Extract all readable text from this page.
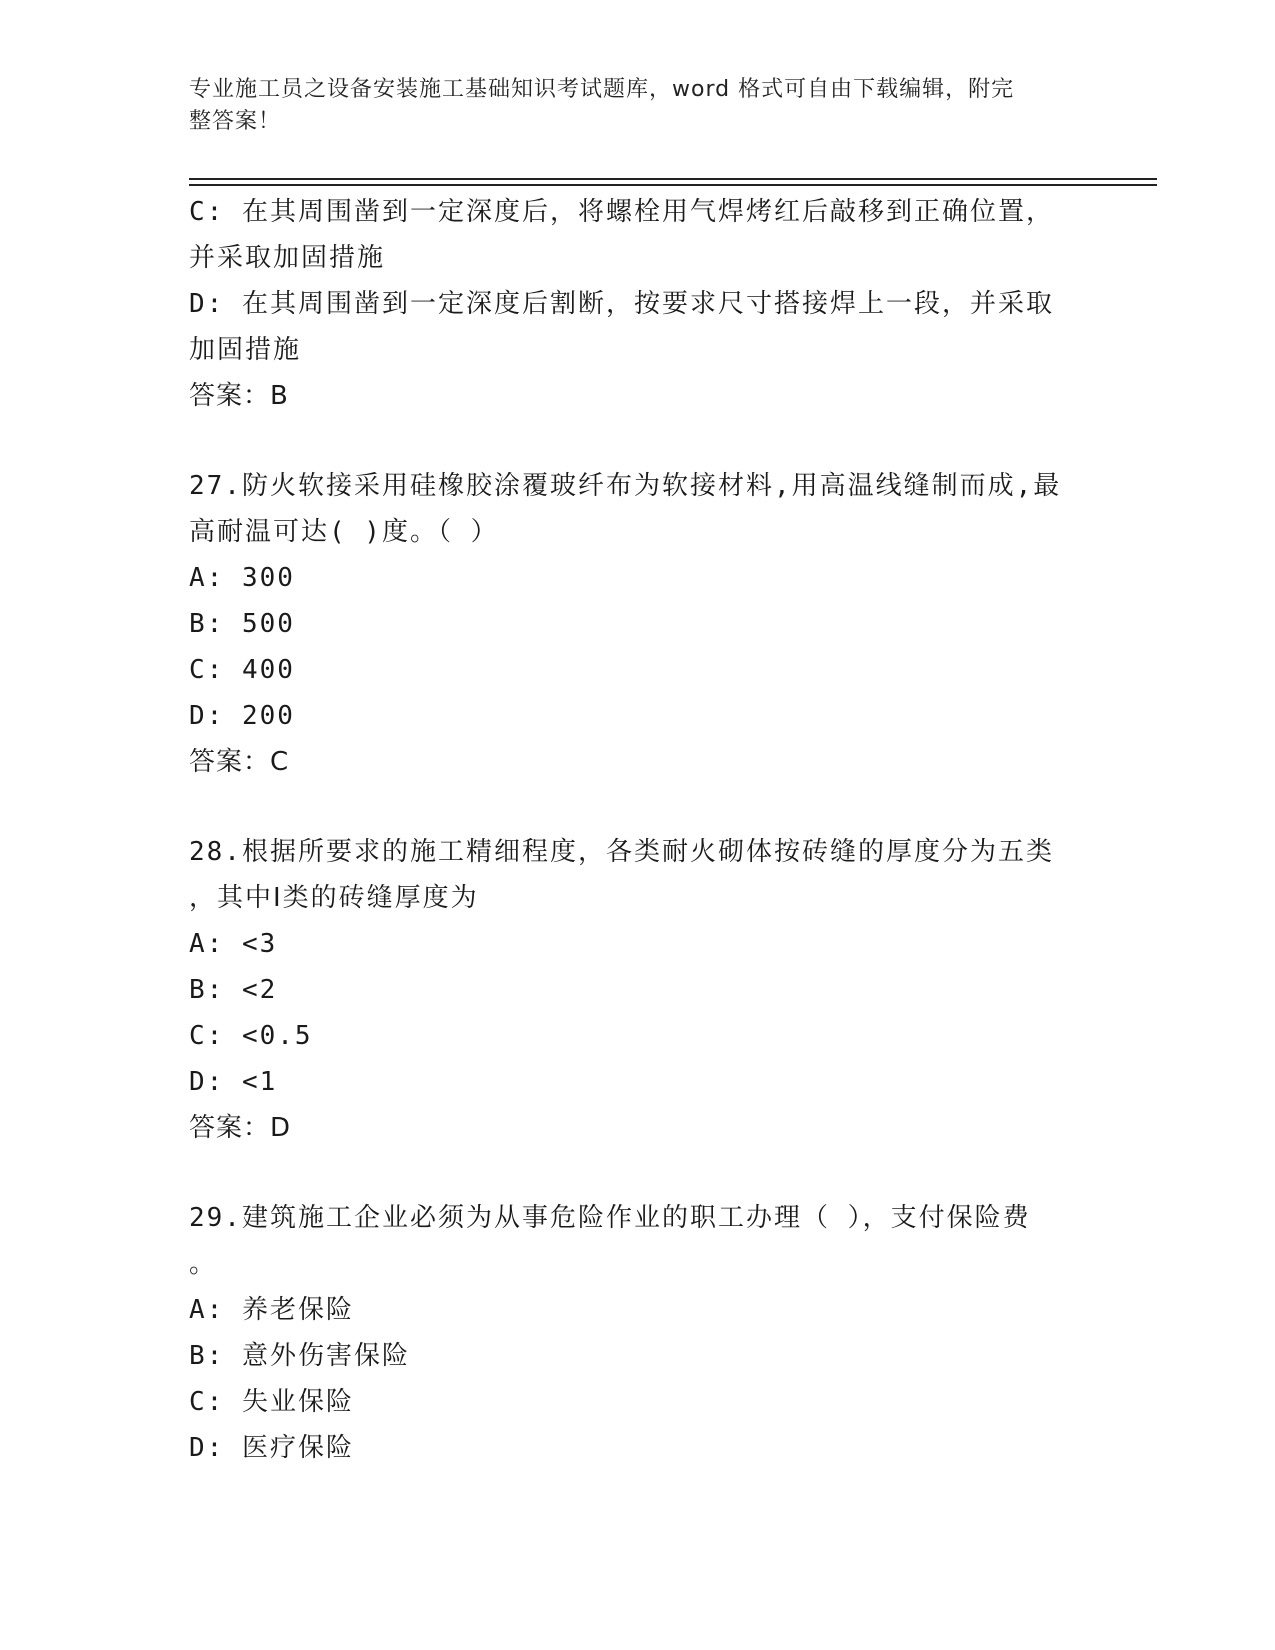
专业施工员之设备安装施工基础知识考试题库，word 格式可自由下载编辑，附完
整答案！
C: 在其周围凿到一定深度后，将螺栓用气焊烤红后敲移到正确位置，
并采取加固措施
D: 在其周围凿到一定深度后割断，按要求尺寸搭接焊上一段，并采取
加固措施
答案：B
27.防火软接采用硅橡胶涂覆玻纤布为软接材料,用高温线缝制而成,最
高耐温可达( )度。（ ）
A: 300
B: 500
C: 400
D: 200
答案：C
28.根据所要求的施工精细程度，各类耐火砌体按砖缝的厚度分为五类
，其中Ⅰ类的砖缝厚度为
A: <3
B: <2
C: <0.5
D: <1
答案：D
29.建筑施工企业必须为从事危险作业的职工办理（ ），支付保险费
。
A: 养老保险
B: 意外伤害保险
C: 失业保险
D: 医疗保险
